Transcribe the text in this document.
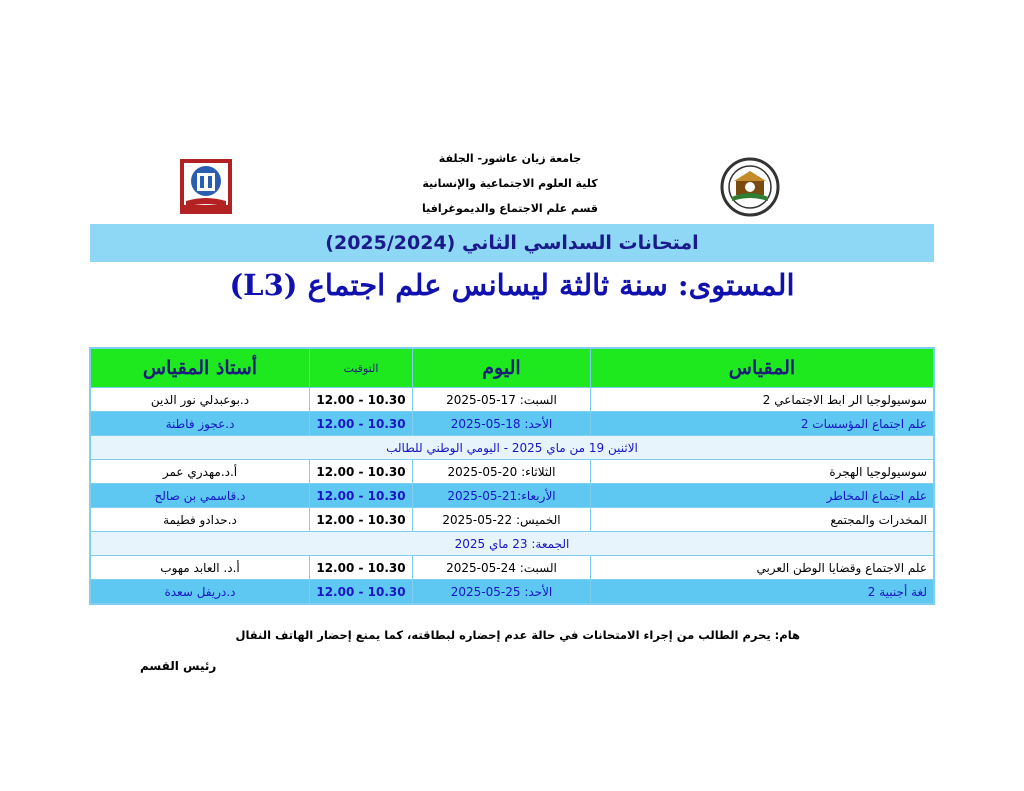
جامعة زيان عاشور- الجلفة
كلية العلوم الاجتماعية والإنسانية
قسم علم الاجتماع والديموغرافيا
امتحانات السداسي الثاني (2025/2024)
المستوى: سنة ثالثة ليسانس علم اجتماع (L3)
المقياس	اليوم	التوقيت	أستاذ المقياس
سوسيولوجيا الر ابط الاجتماعي 2	السبت: 17-05-2025	10.30 - 12.00	د.بوعبدلي نور الدين
علم اجتماع المؤسسات 2	الأحد: 18-05-2025	10.30 - 12.00	د.عجوز فاطنة
الاثنين 19 من ماي 2025 - اليومي الوطني للطالب			
سوسيولوجيا الهجرة	الثلاثاء: 20-05-2025	10.30 - 12.00	أ.د.مهدري عمر
علم اجتماع المخاطر	الأربعاء:21-05-2025	10.30 - 12.00	د.قاسمي بن صالح
المخدرات والمجتمع	الخميس: 22-05-2025	10.30 - 12.00	د.حدادو فطيمة
الجمعة: 23 ماي 2025			
علم الاجتماع وقضايا الوطن العربي	السبت: 24-05-2025	10.30 - 12.00	أ.د. العابد مهوب
لغة أجنبية 2	الأحد: 25-05-2025	10.30 - 12.00	د.دريفل سعدة
هام: يحرم الطالب من إجراء الامتحانات في حالة عدم إحضاره لبطاقته، كما يمنع إحضار الهاتف النقال
رئيس القسم
